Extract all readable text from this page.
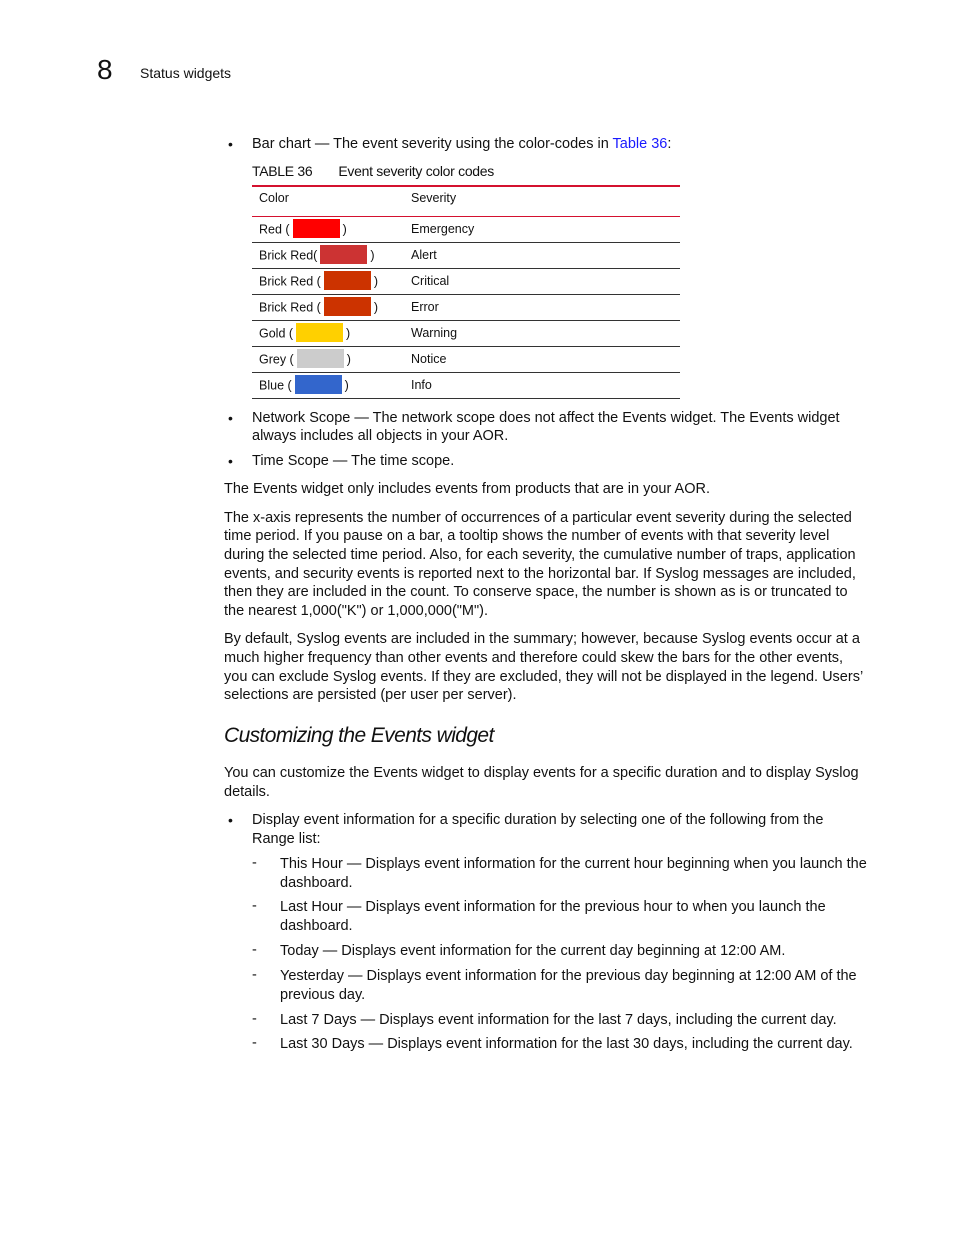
8 Status widgets
• Bar chart — The event severity using the color-codes in Table 36:

TABLE 36 Event severity color codes
Color	Severity
Red (	)	Emergency
Brick Red(	)	Alert
Brick Red (	)	Critical
Brick Red (	)	Error
Gold (	)	Warning
Grey (	)	Notice
Blue (	)	Info
• Network Scope — The network scope does not affect the Events widget. The Events widget

always includes all objects in your AOR.

• Time Scope — The time scope.

The Events widget only includes events from products that are in your AOR.

The x-axis represents the number of occurrences of a particular event severity during the selected

time period. If you pause on a bar, a tooltip shows the number of events with that severity level

during the selected time period. Also, for each severity, the cumulative number of traps, application

events, and security events is reported next to the horizontal bar. If Syslog messages are included,

then they are included in the count. To conserve space, the number is shown as is or truncated to

the nearest 1,000("K") or 1,000,000("M").

By default, Syslog events are included in the summary; however, because Syslog events occur at a

much higher frequency than other events and therefore could skew the bars for the other events,

you can exclude Syslog events. If they are excluded, they will not be displayed in the legend. Users’

selections are persisted (per user per server).

Customizing the Events widget

You can customize the Events widget to display events for a specific duration and to display Syslog

details.

• Display event information for a specific duration by selecting one of the following from the

Range list:

- This Hour — Displays event information for the current hour beginning when you launch the

dashboard.

- Last Hour — Displays event information for the previous hour to when you launch the

dashboard.

- Today — Displays event information for the current day beginning at 12:00 AM.

- Yesterday — Displays event information for the previous day beginning at 12:00 AM of the

previous day.

- Last 7 Days — Displays event information for the last 7 days, including the current day.

- Last 30 Days — Displays event information for the last 30 days, including the current day.
